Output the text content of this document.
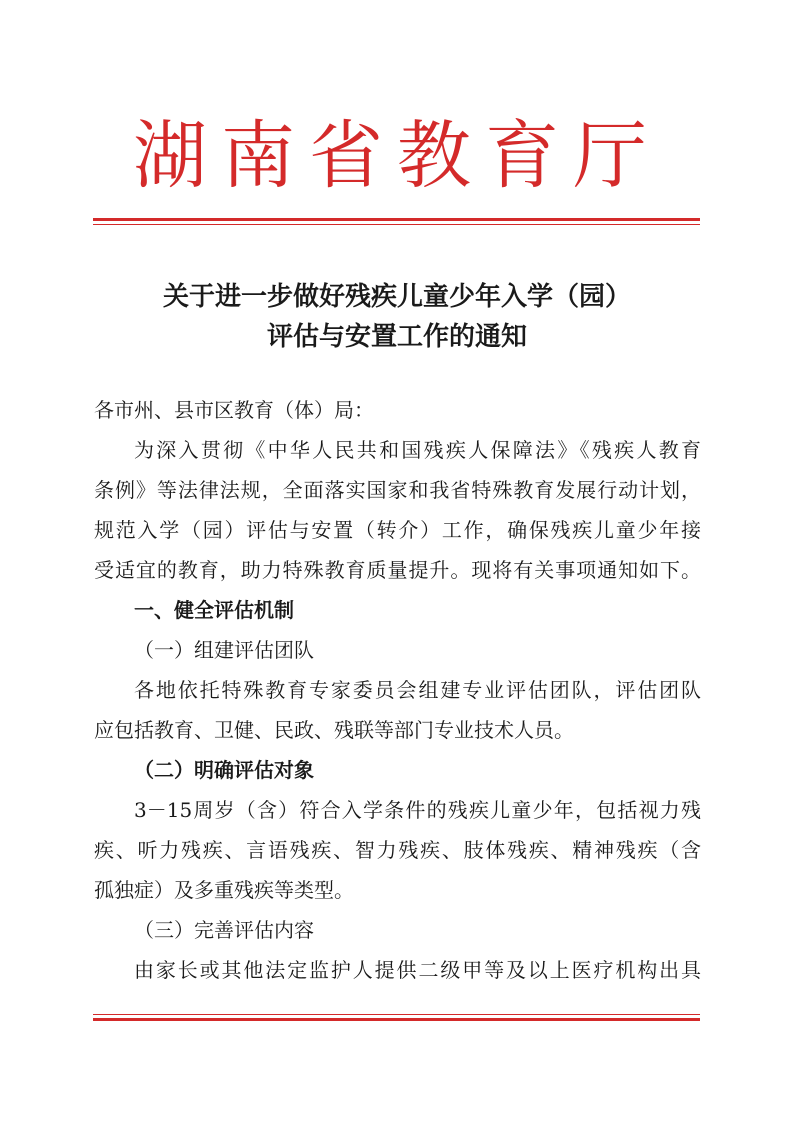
湖南省教育厅
关于进一步做好残疾儿童少年入学（园）
评估与安置工作的通知
各市州、县市区教育（体）局：
为深入贯彻《中华人民共和国残疾人保障法》《残疾人教育
条例》等法律法规，全面落实国家和我省特殊教育发展行动计划，
规范入学（园）评估与安置（转介）工作，确保残疾儿童少年接
受适宜的教育，助力特殊教育质量提升。现将有关事项通知如下。
一、健全评估机制
（一）组建评估团队
各地依托特殊教育专家委员会组建专业评估团队，评估团队
应包括教育、卫健、民政、残联等部门专业技术人员。
（二）明确评估对象
3－15周岁（含）符合入学条件的残疾儿童少年，包括视力残
疾、听力残疾、言语残疾、智力残疾、肢体残疾、精神残疾（含
孤独症）及多重残疾等类型。
（三）完善评估内容
由家长或其他法定监护人提供二级甲等及以上医疗机构出具
